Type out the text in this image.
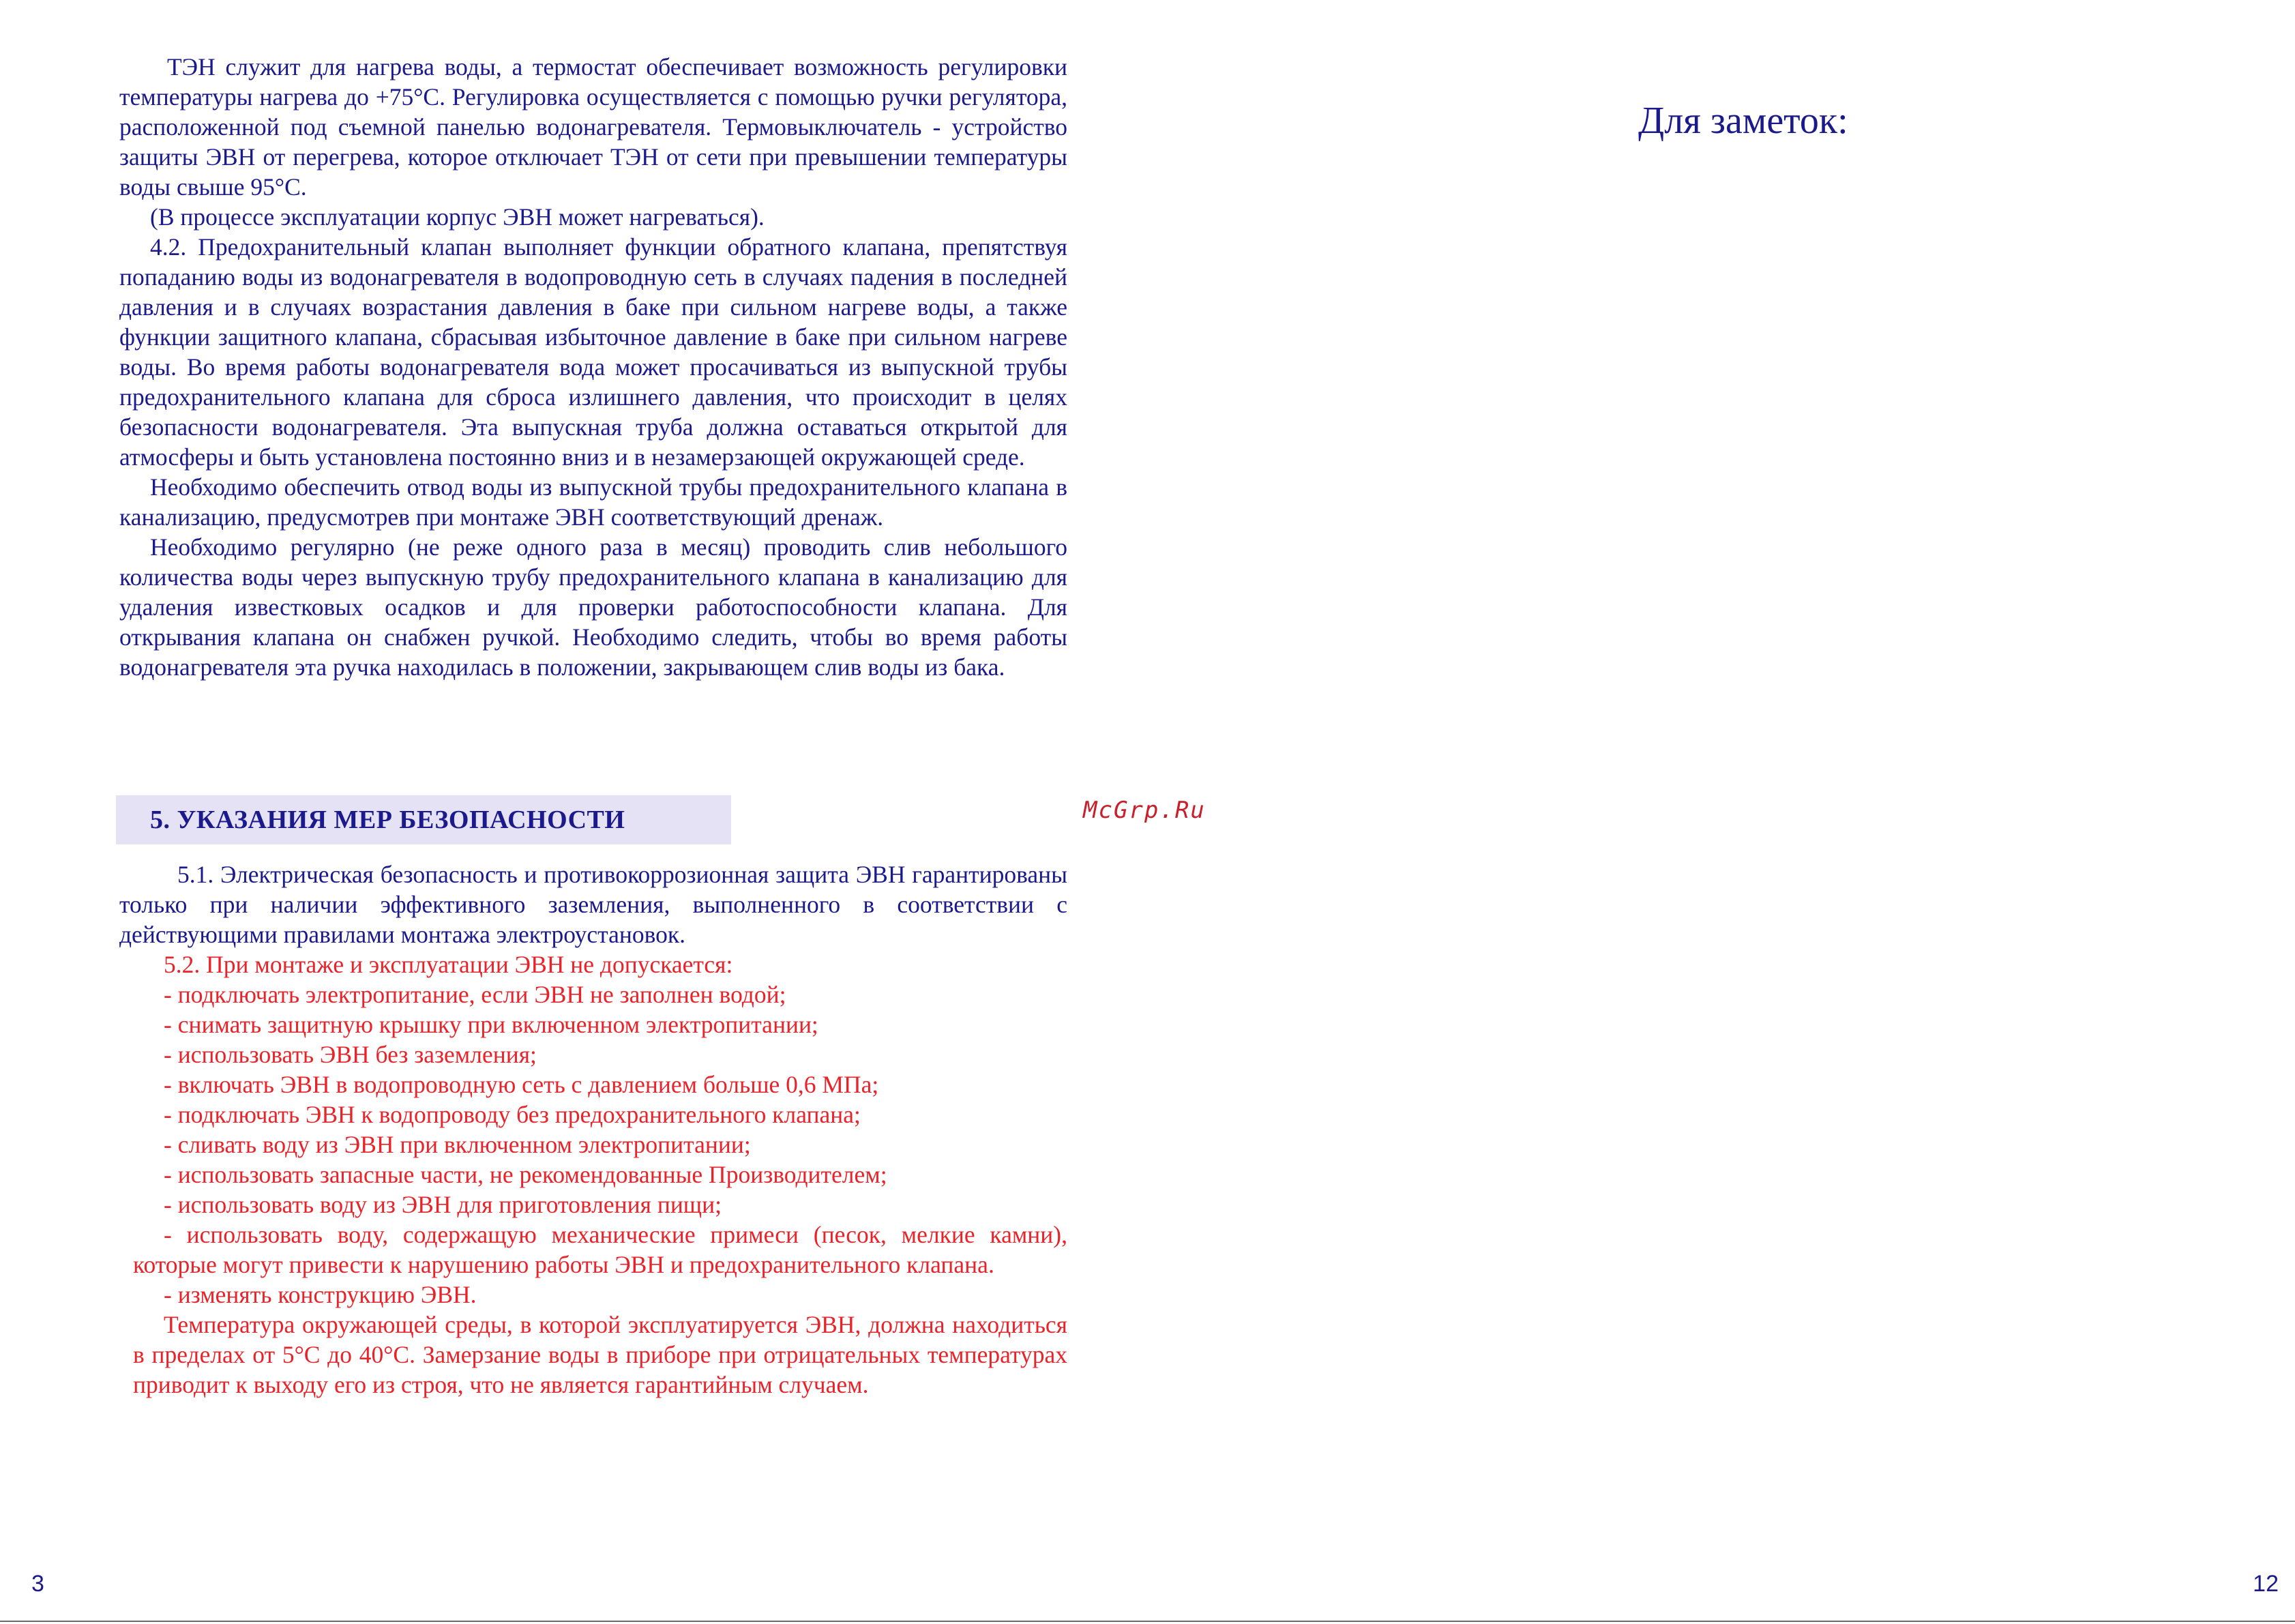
ТЭН служит для нагрева воды, а термостат обеспечивает возможность регулировки температуры нагрева до +75°С. Регулировка осуществляется с помощью ручки регулятора, расположенной под съемной панелью водонагревателя. Термовыключатель - устройство защиты ЭВН от перегрева, которое отключает ТЭН от сети при превышении температуры воды свыше 95°С.

(В процессе эксплуатации корпус ЭВН может нагреваться).

4.2. Предохранительный клапан выполняет функции обратного клапана, препятствуя попаданию воды из водонагревателя в водопроводную сеть в случаях падения в последней давления и в случаях возрастания давления в баке при сильном нагреве воды, а также функции защитного клапана, сбрасывая избыточное давление в баке при сильном нагреве воды. Во время работы водонагревателя вода может просачиваться из выпускной трубы предохранительного клапана для сброса излишнего давления, что происходит в целях безопасности водонагревателя. Эта выпускная труба должна оставаться открытой для атмосферы и быть установлена постоянно вниз и в незамерзающей окружающей среде.

Необходимо обеспечить отвод воды из выпускной трубы предохранительного клапана в канализацию, предусмотрев при монтаже ЭВН соответствующий дренаж.

Необходимо регулярно (не реже одного раза в месяц) проводить слив небольшого количества воды через выпускную трубу предохранительного клапана в канализацию для удаления известковых осадков и для проверки работоспособности клапана. Для открывания клапана он снабжен ручкой. Необходимо следить, чтобы во время работы водонагревателя эта ручка находилась в положении, закрывающем слив воды из бака.

5. УКАЗАНИЯ МЕР БЕЗОПАСНОСТИ

5.1. Электрическая безопасность и противокоррозионная защита ЭВН гарантированы только при наличии эффективного заземления, выполненного в соответствии с действующими правилами монтажа электроустановок.

5.2. При монтаже и эксплуатации ЭВН не допускается:

- подключать электропитание, если ЭВН не заполнен водой;

- снимать защитную крышку при включенном электропитании;

- использовать ЭВН без заземления;

- включать ЭВН в водопроводную сеть с давлением больше 0,6 МПа;

- подключать ЭВН к водопроводу без предохранительного клапана;

- сливать воду из ЭВН при включенном электропитании;

- использовать запасные части, не рекомендованные Производителем;

- использовать воду из ЭВН для приготовления пищи;

- использовать воду, содержащую механические примеси (песок, мелкие камни), которые могут привести к нарушению работы ЭВН и предохранительного клапана.

- изменять конструкцию ЭВН.

Температура окружающей среды, в которой эксплуатируется ЭВН, должна находиться в пределах от 5°С до 40°С. Замерзание воды в приборе при отрицательных температурах приводит к выходу его из строя, что не является гарантийным случаем.

3
McGrp.Ru
Для заметок:
12
